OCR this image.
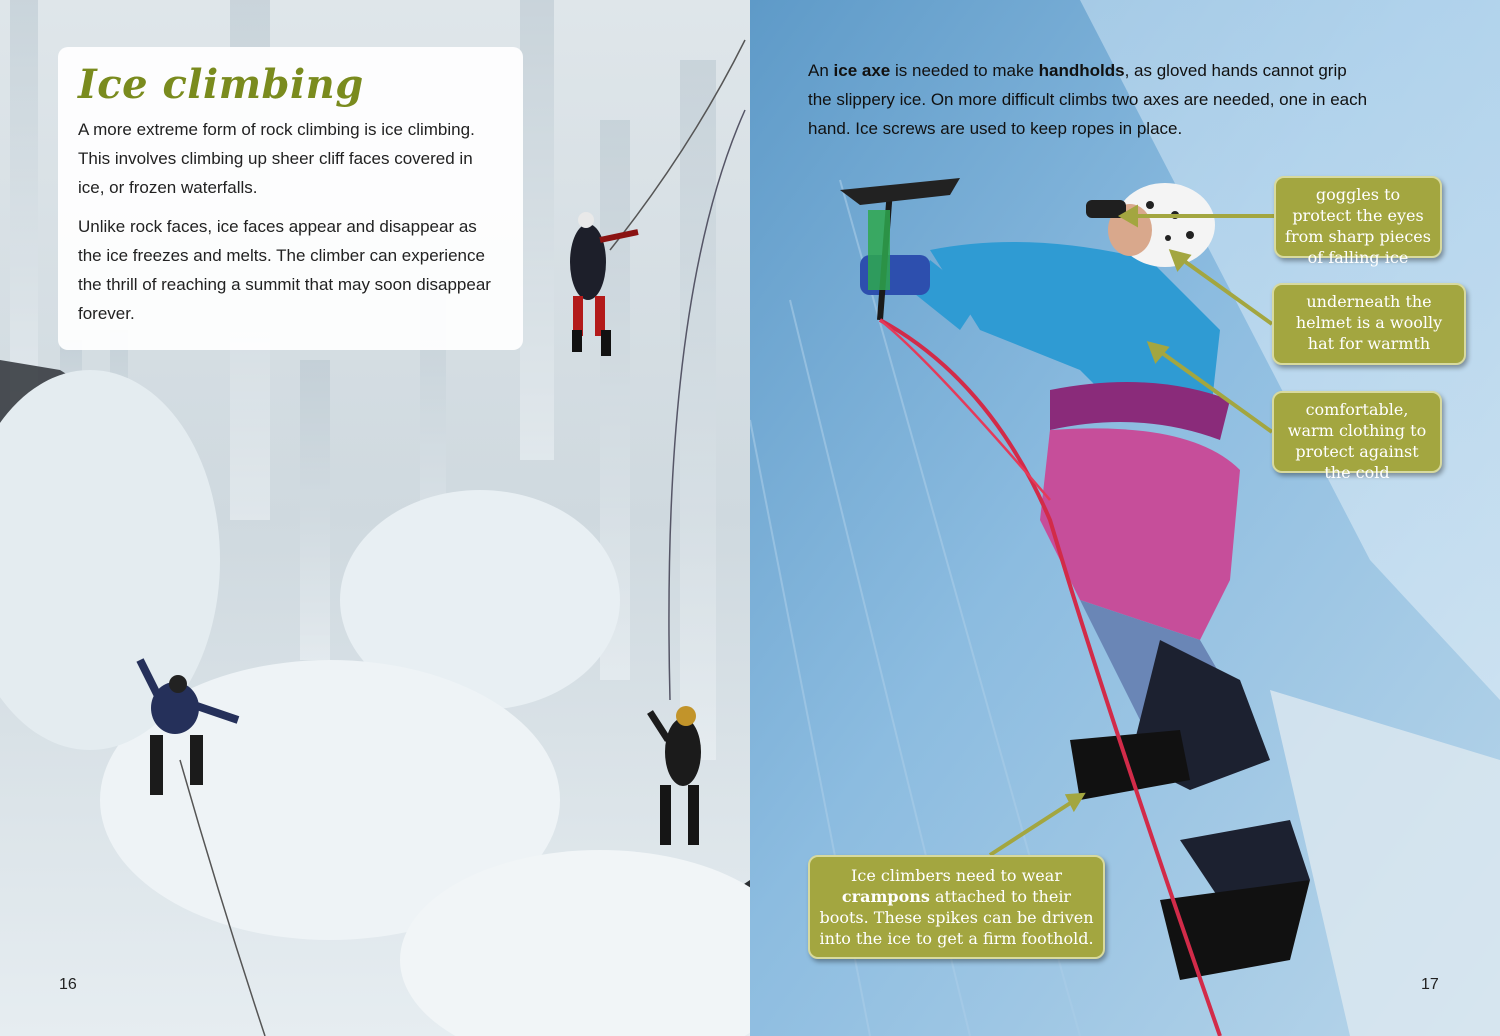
Ice climbing

A more extreme form of rock climbing is ice climbing. This involves climbing up sheer cliff faces covered in ice, or frozen waterfalls.

Unlike rock faces, ice faces appear and disappear as the ice freezes and melts. The climber can experience the thrill of reaching a summit that may soon disappear forever.

16
An ice axe is needed to make handholds, as gloved hands cannot grip the slippery ice. On more difficult climbs two axes are needed, one in each hand. Ice screws are used to keep ropes in place.
goggles to protect the eyes from sharp pieces of falling ice
underneath the helmet is a woolly hat for warmth
comfortable, warm clothing to protect against the cold
Ice climbers need to wear crampons attached to their boots. These spikes can be driven into the ice to get a firm foothold.
17
